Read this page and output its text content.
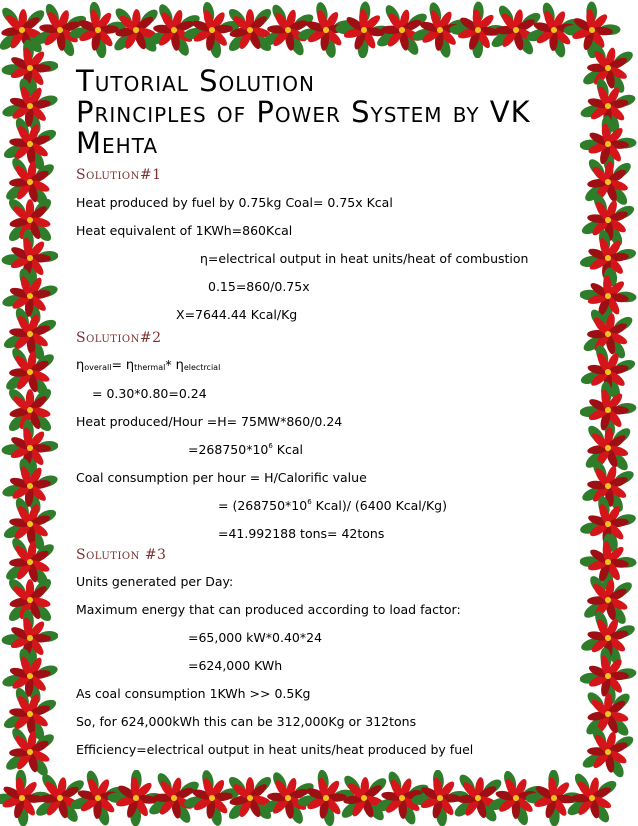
Tutorial Solution
Principles of Power System by VK
Mehta

Solution#1

Heat produced by fuel by 0.75kg Coal= 0.75x Kcal

Heat equivalent of 1KWh=860Kcal

η=electrical output in heat units/heat of combustion

0.15=860/0.75x

X=7644.44 Kcal/Kg

Solution#2

$\eta_{overall}= \eta_{thermal}*$ $\eta_{electrcial}$

= 0.30*0.80=0.24

Heat produced/Hour =H= 75MW*860/0.24

$=268750*10^6$ Kcal

Coal consumption per hour = H/Calorific value

= ($268750*10^6$ Kcal)/ (6400 Kcal/Kg)

=41.992188 tons= 42tons

Solution #3

Units generated per Day:

Maximum energy that can produced according to load factor:

=65,000 kW*0.40*24

=624,000 KWh

As coal consumption 1KWh >> 0.5Kg

So, for 624,000kWh this can be 312,000Kg or 312tons

Efficiency=electrical output in heat units/heat produced by fuel
